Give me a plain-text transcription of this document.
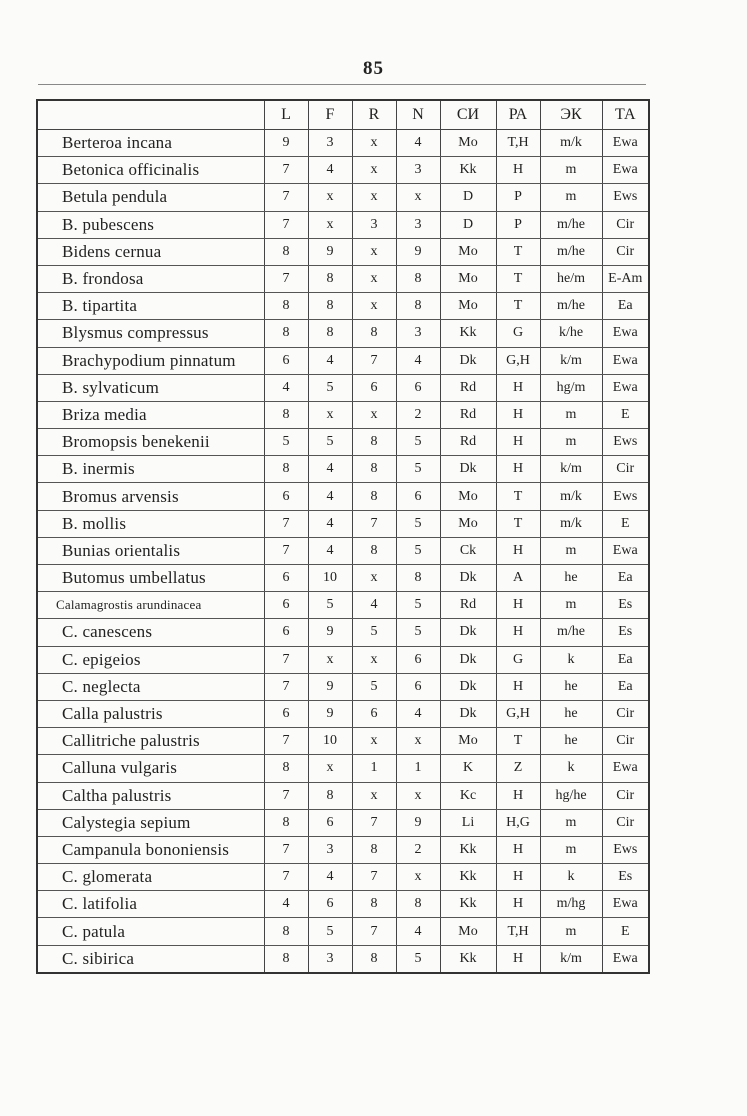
85
	L	F	R	N	СИ	РА	ЭК	ТА
Berteroa incana	9	3	x	4	Mo	T,H	m/k	Ewa
Betonica officinalis	7	4	x	3	Kk	H	m	Ewa
Betula pendula	7	x	x	x	D	P	m	Ews
B. pubescens	7	x	3	3	D	P	m/he	Cir
Bidens cernua	8	9	x	9	Mo	T	m/he	Cir
B. frondosa	7	8	x	8	Mo	T	he/m	E-Am
B. tipartita	8	8	x	8	Mo	T	m/he	Ea
Blysmus compressus	8	8	8	3	Kk	G	k/he	Ewa
Brachypodium pinnatum	6	4	7	4	Dk	G,H	k/m	Ewa
B. sylvaticum	4	5	6	6	Rd	H	hg/m	Ewa
Briza media	8	x	x	2	Rd	H	m	E
Bromopsis benekenii	5	5	8	5	Rd	H	m	Ews
B. inermis	8	4	8	5	Dk	H	k/m	Cir
Bromus arvensis	6	4	8	6	Mo	T	m/k	Ews
B. mollis	7	4	7	5	Mo	T	m/k	E
Bunias orientalis	7	4	8	5	Ck	H	m	Ewa
Butomus umbellatus	6	10	x	8	Dk	A	he	Ea
Calamagrostis arundinacea	6	5	4	5	Rd	H	m	Es
C. canescens	6	9	5	5	Dk	H	m/he	Es
C. epigeios	7	x	x	6	Dk	G	k	Ea
C. neglecta	7	9	5	6	Dk	H	he	Ea
Calla palustris	6	9	6	4	Dk	G,H	he	Cir
Callitriche palustris	7	10	x	x	Mo	T	he	Cir
Calluna vulgaris	8	x	1	1	K	Z	k	Ewa
Caltha palustris	7	8	x	x	Kc	H	hg/he	Cir
Calystegia sepium	8	6	7	9	Li	H,G	m	Cir
Campanula bononiensis	7	3	8	2	Kk	H	m	Ews
C. glomerata	7	4	7	x	Kk	H	k	Es
C. latifolia	4	6	8	8	Kk	H	m/hg	Ewa
C. patula	8	5	7	4	Mo	T,H	m	E
C. sibirica	8	3	8	5	Kk	H	k/m	Ewa
